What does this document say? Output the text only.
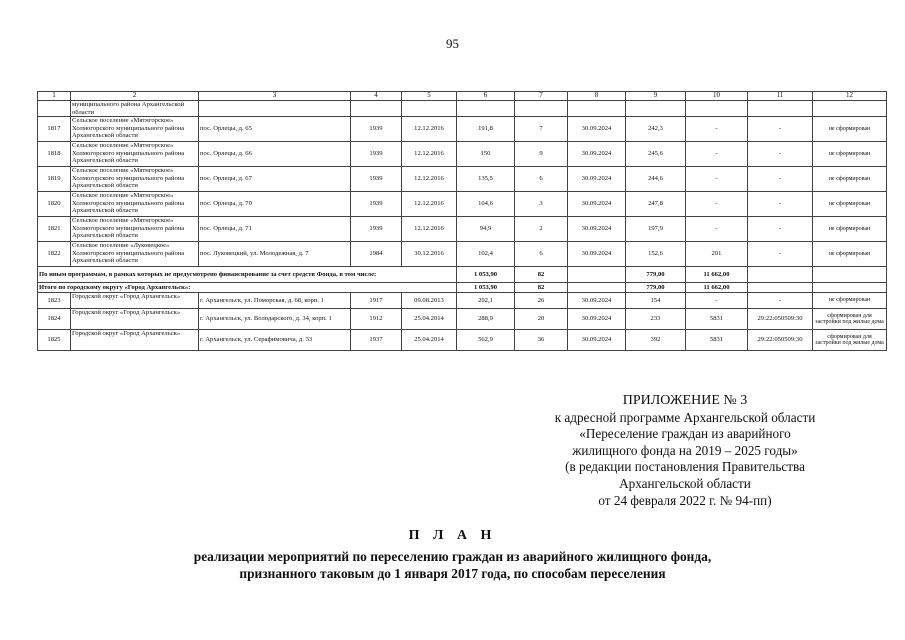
95
1	2	3	4	5	6	7	8	9	10	11	12
	муниципального района Архангельской области										
1817	Сельское поселение «Мятнгорское» Холмогорского муниципального района Архангельской области	пос. Орлецы, д. 65	1939	12.12.2016	191,8	7	30.09.2024	242,3	-	-	не сформирован
1818	Сельское поселение «Мятнгорское» Холмогорского муниципального района Архангельской области	пос. Орлецы, д. 66	1939	12.12.2016	150	9	30.09.2024	245,6	-	-	не сформирован
1819	Сельское поселение «Мятнгорское» Холмогорского муниципального района Архангельской области	пос. Орлецы, д. 67	1939	12.12.2016	135,5	6	30.09.2024	244,6	-	-	не сформирован
1820	Сельское поселение «Мятнгорское» Холмогорского муниципального района Архангельской области	пос. Орлецы, д. 70	1939	12.12.2016	104,6	3	30.09.2024	247,8	-	-	не сформирован
1821	Сельское поселение «Мятнгорское» Холмогорского муниципального района Архангельской области	пос. Орлецы, д. 71	1939	12.12.2016	94,9	2	30.09.2024	197,9	-	-	не сформирован
1822	Сельское поселение «Луковецкое» Холмогорского муниципального района Архангельской области	пос. Луковецкий, ул. Молодежная, д. 7	1984	30.12.2016	102,4	6	30.09.2024	152,6	201	-	не сформирован
По иным программам, в рамках которых не предусмотрено финансирование за счет средств Фонда, в том числе:					1 053,90	82		779,00	11 662,00		
Итого по городскому округу «Город Архангельск»:					1 053,90	82		779,00	11 662,00		
1823	Городской округ «Город Архангельск»	г. Архангельск, ул. Поморская, д. 68, корп. 1	1917	09.08.2013	202,1	26	30.09.2024	154	-	-	не сформирован
1824	Городской округ «Город Архангельск»	г. Архангельск, ул. Володарского, д. 34, корп. 1	1912	25.04.2014	288,9	20	30.09.2024	233	5831	29:22:050509:30	сформирован для застройки под жилые дома
1825	Городской округ «Город Архангельск»	г. Архангельск, ул. Серафимовича, д. 33	1937	25.04.2014	562,9	36	30.09.2024	392	5831	29:22:050509:30	сформирован для застройки под жилые дома
ПРИЛОЖЕНИЕ № 3
к адресной программе Архангельской области
«Переселение граждан из аварийного
жилищного фонда на 2019 – 2025 годы»
(в редакции постановления Правительства
Архангельской области
от 24 февраля 2022 г. № 94-пп)
П Л А Н
реализации мероприятий по переселению граждан из аварийного жилищного фонда,
признанного таковым до 1 января 2017 года, по способам переселения
